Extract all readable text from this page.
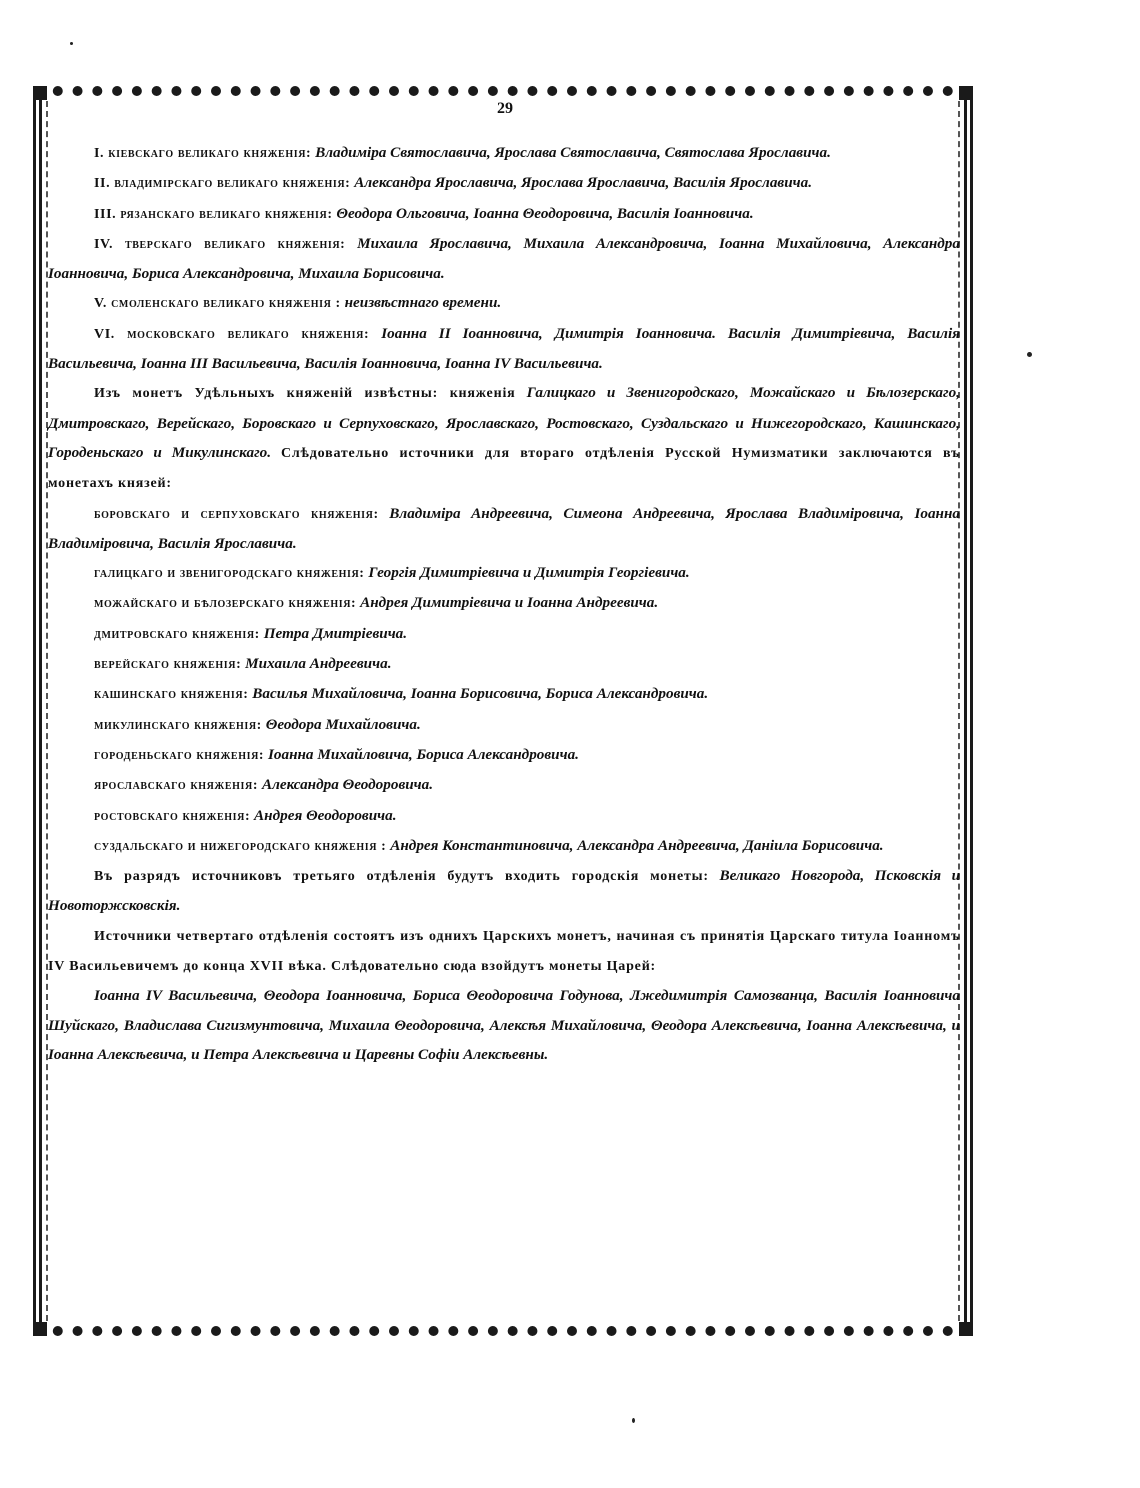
29

I. кіевскаго великаго княженія: Владиміра Святославича, Ярослава Святославича, Святослава Ярославича.

II. владимірскаго великаго княженія: Александра Ярославича, Ярослава Ярославича, Василія Ярославича.

III. рязанскаго великаго княженія: Θеодора Ольговича, Іоанна Θеодоровича, Василія Іоанновича.

IV. тверскаго великаго княженія: Михаила Ярославича, Михаила Александровича, Іоанна Михайловича, Александра Іоанновича, Бориса Александровича, Михаила Борисовича.

V. смоленскаго великаго княженія : неизвѣстнаго времени.

VI. московскаго великаго княженія: Іоанна II Іоанновича, Димитрія Іоанновича. Василія Димитріевича, Василія Васильевича, Іоанна III Васильевича, Василія Іоанновича, Іоанна IV Васильевича.

Изъ монетъ Удѣльныхъ княженій извѣстны: княженія Галицкаго и Звенигородскаго, Можайскаго и Бѣлозерскаго, Дмитровскаго, Верейскаго, Боровскаго и Серпуховскаго, Ярославскаго, Ростовскаго, Суздальскаго и Нижегородскаго, Кашинскаго, Городеньскаго и Микулинскаго. Слѣдовательно источники для втораго отдѣленія Русской Нумизматики заключаются въ монетахъ князей:

боровскаго и серпуховскаго княженія: Владиміра Андреевича, Симеона Андреевича, Ярослава Владиміровича, Іоанна Владиміровича, Василія Ярославича.

галицкаго и звенигородскаго княженія: Георгія Димитріевича и Димитрія Георгіевича.

можайскаго и бѣлозерскаго княженія: Андрея Димитріевича и Іоанна Андреевича.

дмитровскаго княженія: Петра Дмитріевича.

верейскаго княженія: Михаила Андреевича.

кашинскаго княженія: Василья Михайловича, Іоанна Борисовича, Бориса Александровича.

микулинскаго княженія: Θеодора Михайловича.

городеньскаго княженія: Іоанна Михайловича, Бориса Александровича.

ярославскаго княженія: Александра Θеодоровича.

ростовскаго княженія: Андрея Θеодоровича.

суздальскаго и нижегородскаго княженія : Андрея Константиновича, Александра Андреевича, Даніила Борисовича.

Въ разрядъ источниковъ третьяго отдѣленія будутъ входить городскія монеты: Великаго Новгорода, Псковскія и Новоторжсковскія.

Источники четвертаго отдѣленія состоятъ изъ однихъ Царскихъ монетъ, начиная съ принятія Царскаго титула Іоанномъ IV Васильевичемъ до конца XVII вѣка. Слѣдовательно сюда взойдутъ монеты Царей:

Іоанна IV Васильевича, Θеодора Іоанновича, Бориса Θеодоровича Годунова, Лжедимитрія Самозванца, Василія Іоанновича Шуйскаго, Владислава Сигизмунтовича, Михаила Θеодоровича, Алексѣя Михайловича, Θеодора Алексѣевича, Іоанна Алексѣевича, и Іоанна Алексѣевича, и Петра Алексѣевича и Царевны Софіи Алексѣевны.
